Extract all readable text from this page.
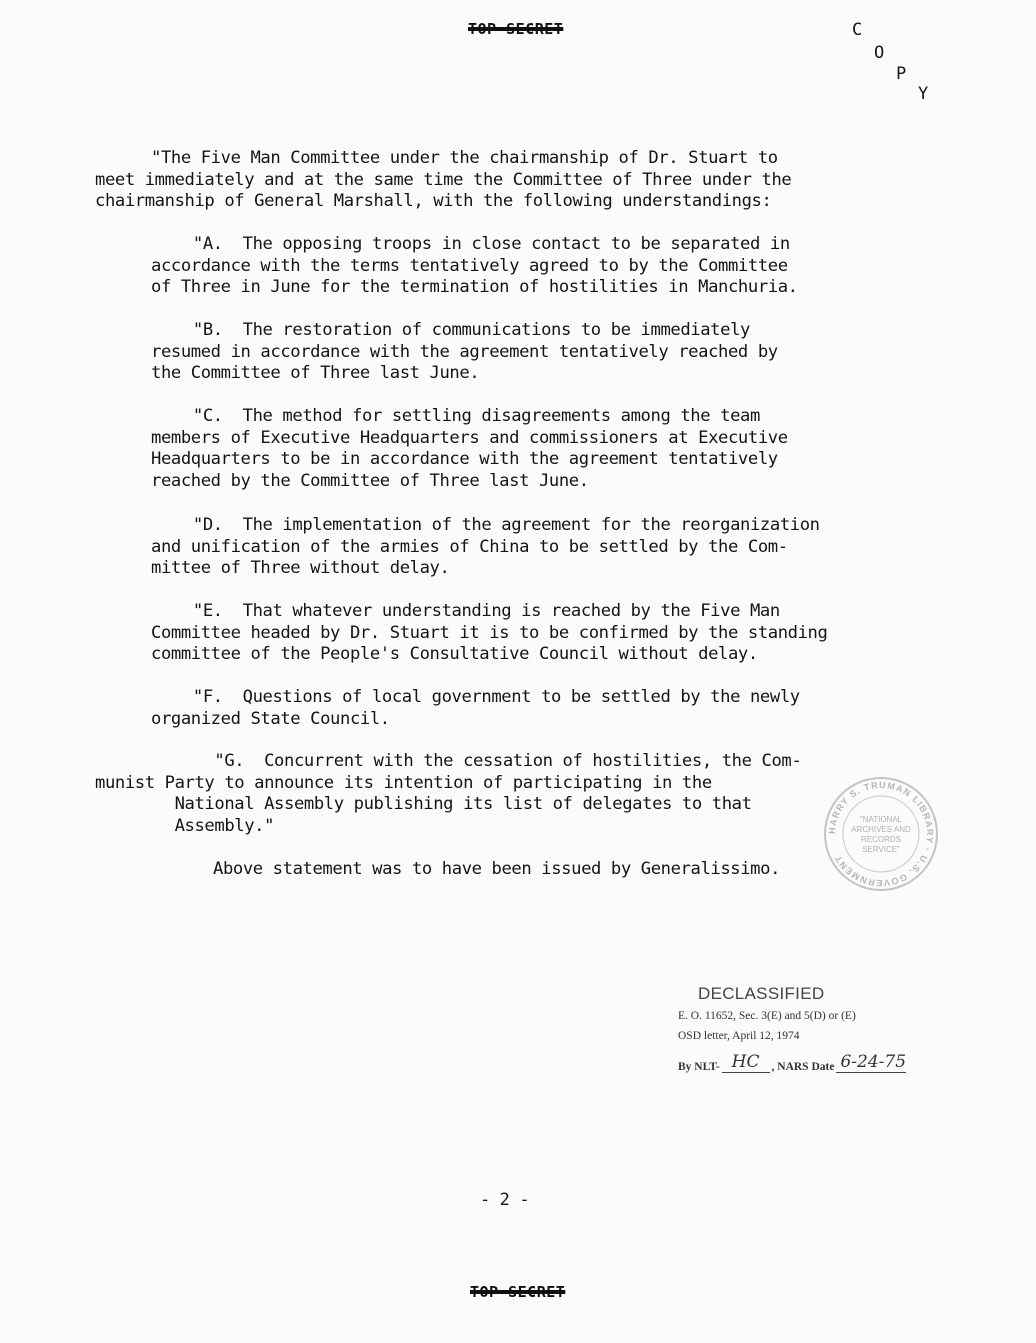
TOP SECRET	C
O
P
Y

"The Five Man Committee under the chairmanship of Dr. Stuart to

meet immediately and at the same time the Committee of Three under the

chairmanship of General Marshall, with the following understandings:

"A.  The opposing troops in close contact to be separated in

accordance with the terms tentatively agreed to by the Committee

of Three in June for the termination of hostilities in Manchuria.

"B.  The restoration of communications to be immediately

resumed in accordance with the agreement tentatively reached by

the Committee of Three last June.

"C.  The method for settling disagreements among the team

members of Executive Headquarters and commissioners at Executive

Headquarters to be in accordance with the agreement tentatively

reached by the Committee of Three last June.

"D.  The implementation of the agreement for the reorganization

and unification of the armies of China to be settled by the Com-

mittee of Three without delay.

"E.  That whatever understanding is reached by the Five Man

Committee headed by Dr. Stuart it is to be confirmed by the standing

committee of the People's Consultative Council without delay.

"F.  Questions of local government to be settled by the newly

organized State Council.

"G.  Concurrent with the cessation of hostilities, the Com-

munist Party to announce its intention of participating in the

National Assembly publishing its list of delegates to that

Assembly."

Above statement was to have been issued by Generalissimo.

HARRY S. TRUMAN LIBRARY · U.S. GOVERNMENT
"NATIONAL
ARCHIVES AND
RECORDS
SERVICE"
DECLASSIFIED
E. O. 11652, Sec. 3(E) and 5(D) or (E)
OSD letter, April 12, 1974
By NLT- HC	, NARS Date 6-24-75
- 2 -
TOP SECRET
